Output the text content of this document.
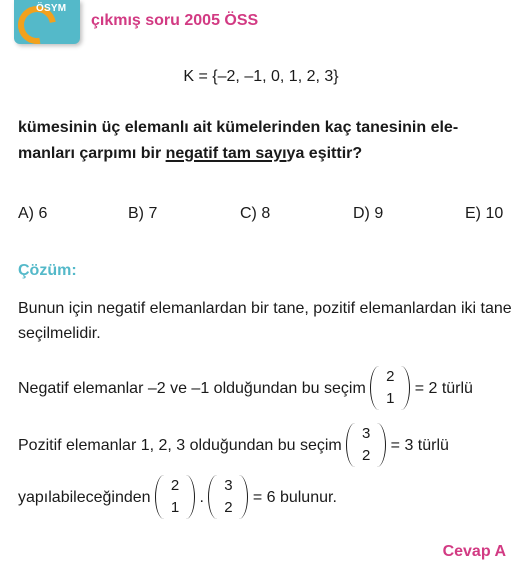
ÖSYM
çıkmış soru 2005 ÖSS
K = {–2, –1, 0, 1, 2, 3}
kümesinin üç elemanlı ait kümelerinden kaç tanesinin ele-manları çarpımı bir negatif tam sayıya eşittir?
A) 6	B) 7	C) 8	D) 9	E) 10
Çözüm:
Bunun için negatif elemanlardan bir tane, pozitif elemanlardan iki tane seçilmelidir.
Negatif elemanlar –2 ve –1 olduğundan bu seçim
2
1
= 2 türlü
Pozitif elemanlar 1, 2, 3 olduğundan bu seçim
3
2
= 3 türlü
yapılabileceğinden
2
1
.
3
2
= 6 bulunur.
Cevap A
